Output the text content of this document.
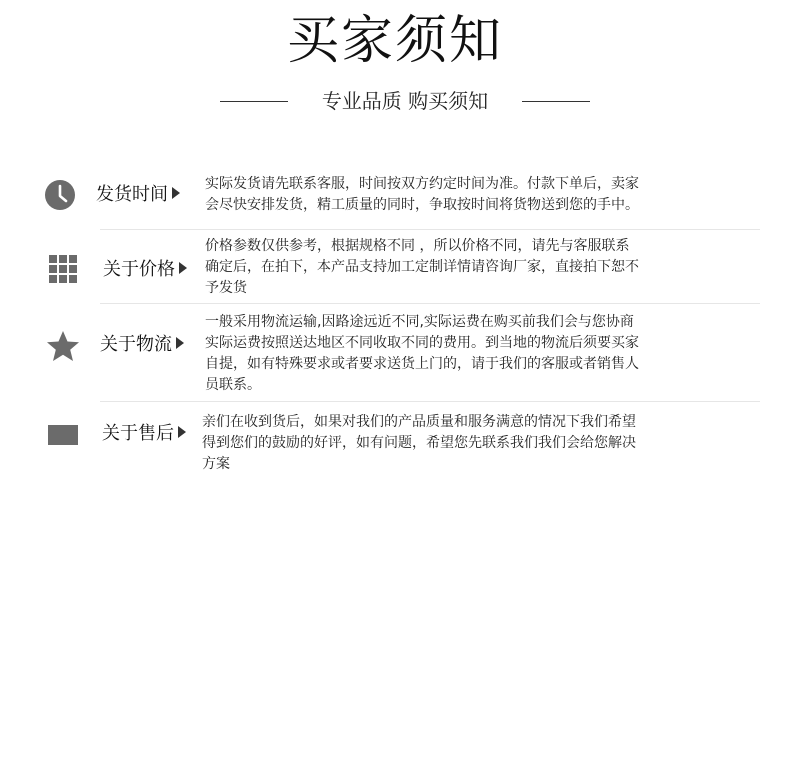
买家须知
专业品质 购买须知
发货时间	实际发货请先联系客服，时间按双方约定时间为准。付款下单后，卖家
会尽快安排发货，精工质量的同时，争取按时间将货物送到您的手中。
关于价格
价格参数仅供参考，根据规格不同 ，所以价格不同，请先与客服联系
确定后，在拍下，本产品支持加工定制详情请咨询厂家，直接拍下恕不
予发货
关于物流
一般采用物流运输,因路途远近不同,实际运费在购买前我们会与您协商
实际运费按照送达地区不同收取不同的费用。到当地的物流后须要买家
自提，如有特殊要求或者要求送货上门的，请于我们的客服或者销售人
员联系。
关于售后
亲们在收到货后，如果对我们的产品质量和服务满意的情况下我们希望
得到您们的鼓励的好评，如有问题，希望您先联系我们我们会给您解决
方案
